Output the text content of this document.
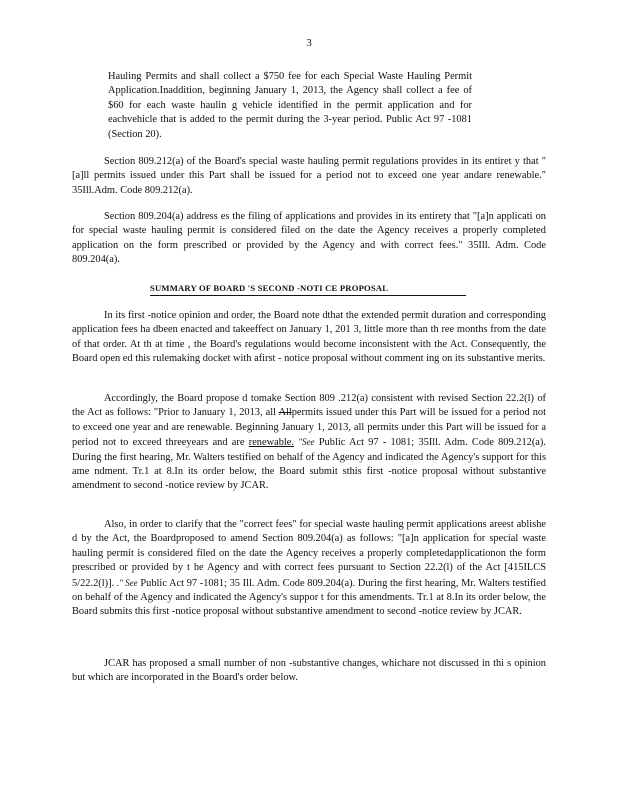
3

Hauling Permits and shall collect a $750 fee for each Special Waste Hauling Permit Application.Inaddition, beginning January 1, 2013, the Agency shall collect a fee of $60 for each waste haulin g vehicle identified in the permit application and for eachvehicle that is added to the permit during the 3-year period. Public Act 97 -1081 (Section 20).

Section 809.212(a) of the Board's special waste hauling permit regulations provides in its entiret y that "[a]ll permits issued under this Part shall be issued for a period not to exceed one year andare renewable." 35Ill.Adm. Code 809.212(a).

Section 809.204(a) address es the filing of applications and provides in its entirety that "[a]n applicati on for special waste hauling permit is considered filed on the date the Agency receives a properly completed application on the form prescribed or provided by the Agency and with correct fees." 35Ill. Adm. Code 809.204(a).

SUMMARY OF BOARD 'S SECOND -NOTI CE PROPOSAL

In its first -notice opinion and order, the Board note dthat the extended permit duration and corresponding application fees ha dbeen enacted and takeeffect on January 1, 201 3, little more than th ree months from the date of that order. At th at time , the Board's regulations would become inconsistent with the Act. Consequently, the Board open ed this rulemaking docket with afirst - notice proposal without comment ing on its substantive merits.

Accordingly, the Board propose d tomake Section 809 .212(a) consistent with revised Section 22.2(l) of the Act as follows: "Prior to January 1, 2013, all Allpermits issued under this Part will be issued for a period not to exceed one year and are renewable. Beginning January 1, 2013, all permits under this Part will be issued for a period not to exceed threeyears and are renewable. "See Public Act 97 - 1081; 35Ill. Adm. Code 809.212(a). During the first hearing, Mr. Walters testified on behalf of the Agency and indicated the Agency's support for this ame ndment. Tr.1 at 8.In its order below, the Board submit sthis first -notice proposal without substantive amendment to second -notice review by JCAR.

Also, in order to clarify that the "correct fees" for special waste hauling permit applications areest ablishe d by the Act, the Boardproposed to amend Section 809.204(a) as follows: "[a]n application for special waste hauling permit is considered filed on the date the Agency receives a properly completedapplicationon the form prescribed or provided by t he Agency and with correct fees pursuant to Section 22.2(l) of the Act [415ILCS 5/22.2(l)]. ." See Public Act 97 -1081; 35 Ill. Adm. Code 809.204(a). During the first hearing, Mr. Walters testified on behalf of the Agency and indicated the Agency's suppor t for this amendments. Tr.1 at 8.In its order below, the Board submits this first -notice proposal without substantive amendment to second -notice review by JCAR.

JCAR has proposed a small number of non -substantive changes, whichare not discussed in thi s opinion but which are incorporated in the Board's order below.
